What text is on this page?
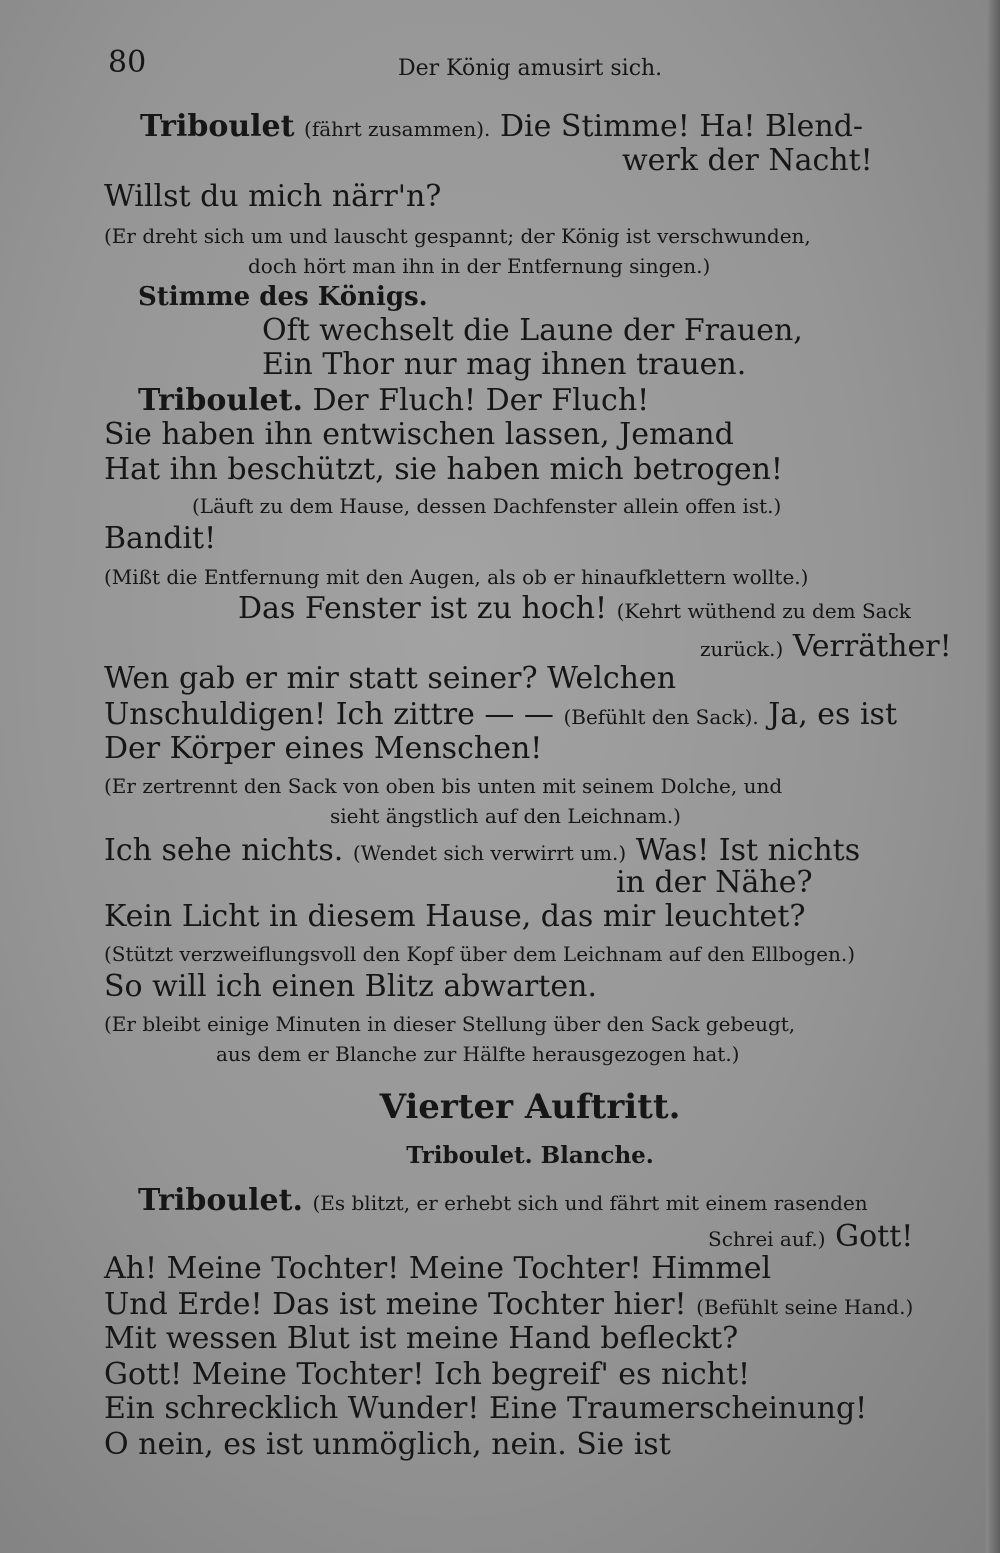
80	Der König amusirt sich.
Triboulet (fährt zusammen). Die Stimme! Ha! Blend-
werk der Nacht!
Willst du mich närr'n?
(Er dreht sich um und lauscht gespannt; der König ist verschwunden,
doch hört man ihn in der Entfernung singen.)
Stimme des Königs.
Oft wechselt die Laune der Frauen,
Ein Thor nur mag ihnen trauen.
Triboulet. Der Fluch! Der Fluch!
Sie haben ihn entwischen lassen, Jemand
Hat ihn beschützt, sie haben mich betrogen!
(Läuft zu dem Hause, dessen Dachfenster allein offen ist.)
Bandit!
(Mißt die Entfernung mit den Augen, als ob er hinaufklettern wollte.)
Das Fenster ist zu hoch! (Kehrt wüthend zu dem Sack
zurück.) Verräther!
Wen gab er mir statt seiner? Welchen
Unschuldigen! Ich zittre — — (Befühlt den Sack). Ja, es ist
Der Körper eines Menschen!
(Er zertrennt den Sack von oben bis unten mit seinem Dolche, und
sieht ängstlich auf den Leichnam.)
Ich sehe nichts. (Wendet sich verwirrt um.) Was! Ist nichts
in der Nähe?
Kein Licht in diesem Hause, das mir leuchtet?
(Stützt verzweiflungsvoll den Kopf über dem Leichnam auf den Ellbogen.)
So will ich einen Blitz abwarten.
(Er bleibt einige Minuten in dieser Stellung über den Sack gebeugt,
aus dem er Blanche zur Hälfte herausgezogen hat.)
Vierter Auftritt.
Triboulet. Blanche.
Triboulet. (Es blitzt, er erhebt sich und fährt mit einem rasenden
Schrei auf.) Gott!
Ah! Meine Tochter! Meine Tochter! Himmel
Und Erde! Das ist meine Tochter hier! (Befühlt seine Hand.)
Mit wessen Blut ist meine Hand befleckt?
Gott! Meine Tochter! Ich begreif' es nicht!
Ein schrecklich Wunder! Eine Traumerscheinung!
O nein, es ist unmöglich, nein. Sie ist
